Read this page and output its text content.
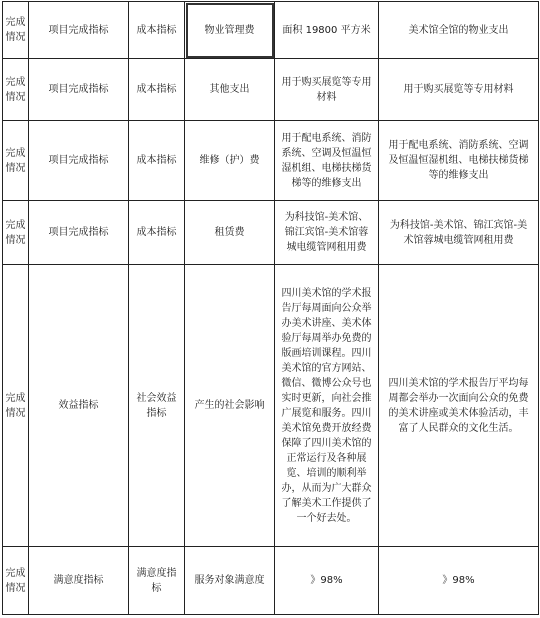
完成情况	项目完成指标	成本指标	物业管理费	面积 19800 平方米	美术馆全馆的物业支出
完成情况	项目完成指标	成本指标	其他支出	用于购买展览等专用材料	用于购买展览等专用材料
完成情况	项目完成指标	成本指标	维修（护）费	用于配电系统、消防系统、空调及恒温恒湿机组、电梯扶梯货梯等的维修支出	用于配电系统、消防系统、空调及恒温恒湿机组、电梯扶梯货梯等的维修支出
完成情况	项目完成指标	成本指标	租赁费	为科技馆-美术馆、锦江宾馆-美术馆蓉城电缆管网租用费	为科技馆-美术馆、锦江宾馆-美术馆蓉城电缆管网租用费
完成情况	效益指标	社会效益指标	产生的社会影响	四川美术馆的学术报告厅每周面向公众举办美术讲座、美术体验厅每周举办免费的版画培训课程。四川美术馆的官方网站、微信、微博公众号也实时更新，向社会推广展览和服务。四川美术馆免费开放经费保障了四川美术馆的正常运行及各种展览、培训的顺利举办，从而为广大群众了解美术工作提供了一个好去处。	四川美术馆的学术报告厅平均每周都会举办一次面向公众的免费的美术讲座或美术体验活动，丰富了人民群众的文化生活。
完成情况	满意度指标	满意度指标	服务对象满意度	》98%	》98%
